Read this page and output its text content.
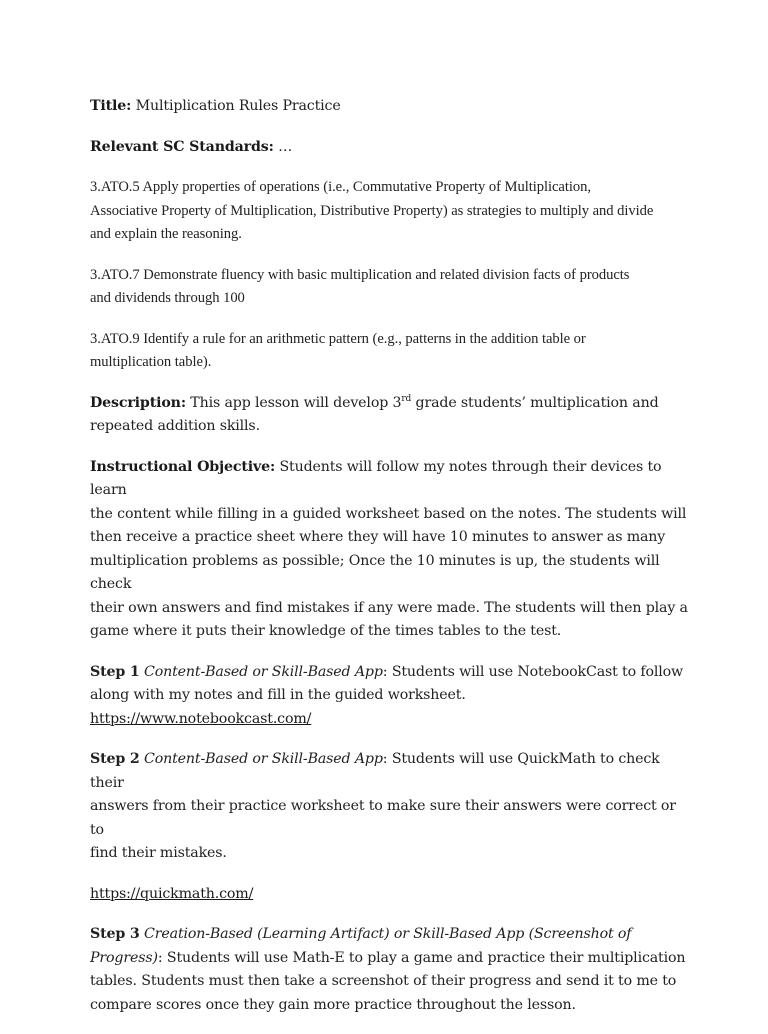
Title: Multiplication Rules Practice

Relevant SC Standards: …

3.ATO.5 Apply properties of operations (i.e., Commutative Property of Multiplication,
Associative Property of Multiplication, Distributive Property) as strategies to multiply and divide
and explain the reasoning.

3.ATO.7 Demonstrate fluency with basic multiplication and related division facts of products
and dividends through 100

3.ATO.9 Identify a rule for an arithmetic pattern (e.g., patterns in the addition table or
multiplication table).

Description: This app lesson will develop 3rd grade students’ multiplication and
repeated addition skills.

Instructional Objective: Students will follow my notes through their devices to learn
the content while filling in a guided worksheet based on the notes. The students will
then receive a practice sheet where they will have 10 minutes to answer as many
multiplication problems as possible; Once the 10 minutes is up, the students will check
their own answers and find mistakes if any were made. The students will then play a
game where it puts their knowledge of the times tables to the test.

Step 1 Content-Based or Skill-Based App: Students will use NotebookCast to follow
along with my notes and fill in the guided worksheet.
https://www.notebookcast.com/

Step 2 Content-Based or Skill-Based App: Students will use QuickMath to check their
answers from their practice worksheet to make sure their answers were correct or to
find their mistakes.

https://quickmath.com/

Step 3 Creation-Based (Learning Artifact) or Skill-Based App (Screenshot of
Progress): Students will use Math-E to play a game and practice their multiplication
tables. Students must then take a screenshot of their progress and send it to me to
compare scores once they gain more practice throughout the lesson.
